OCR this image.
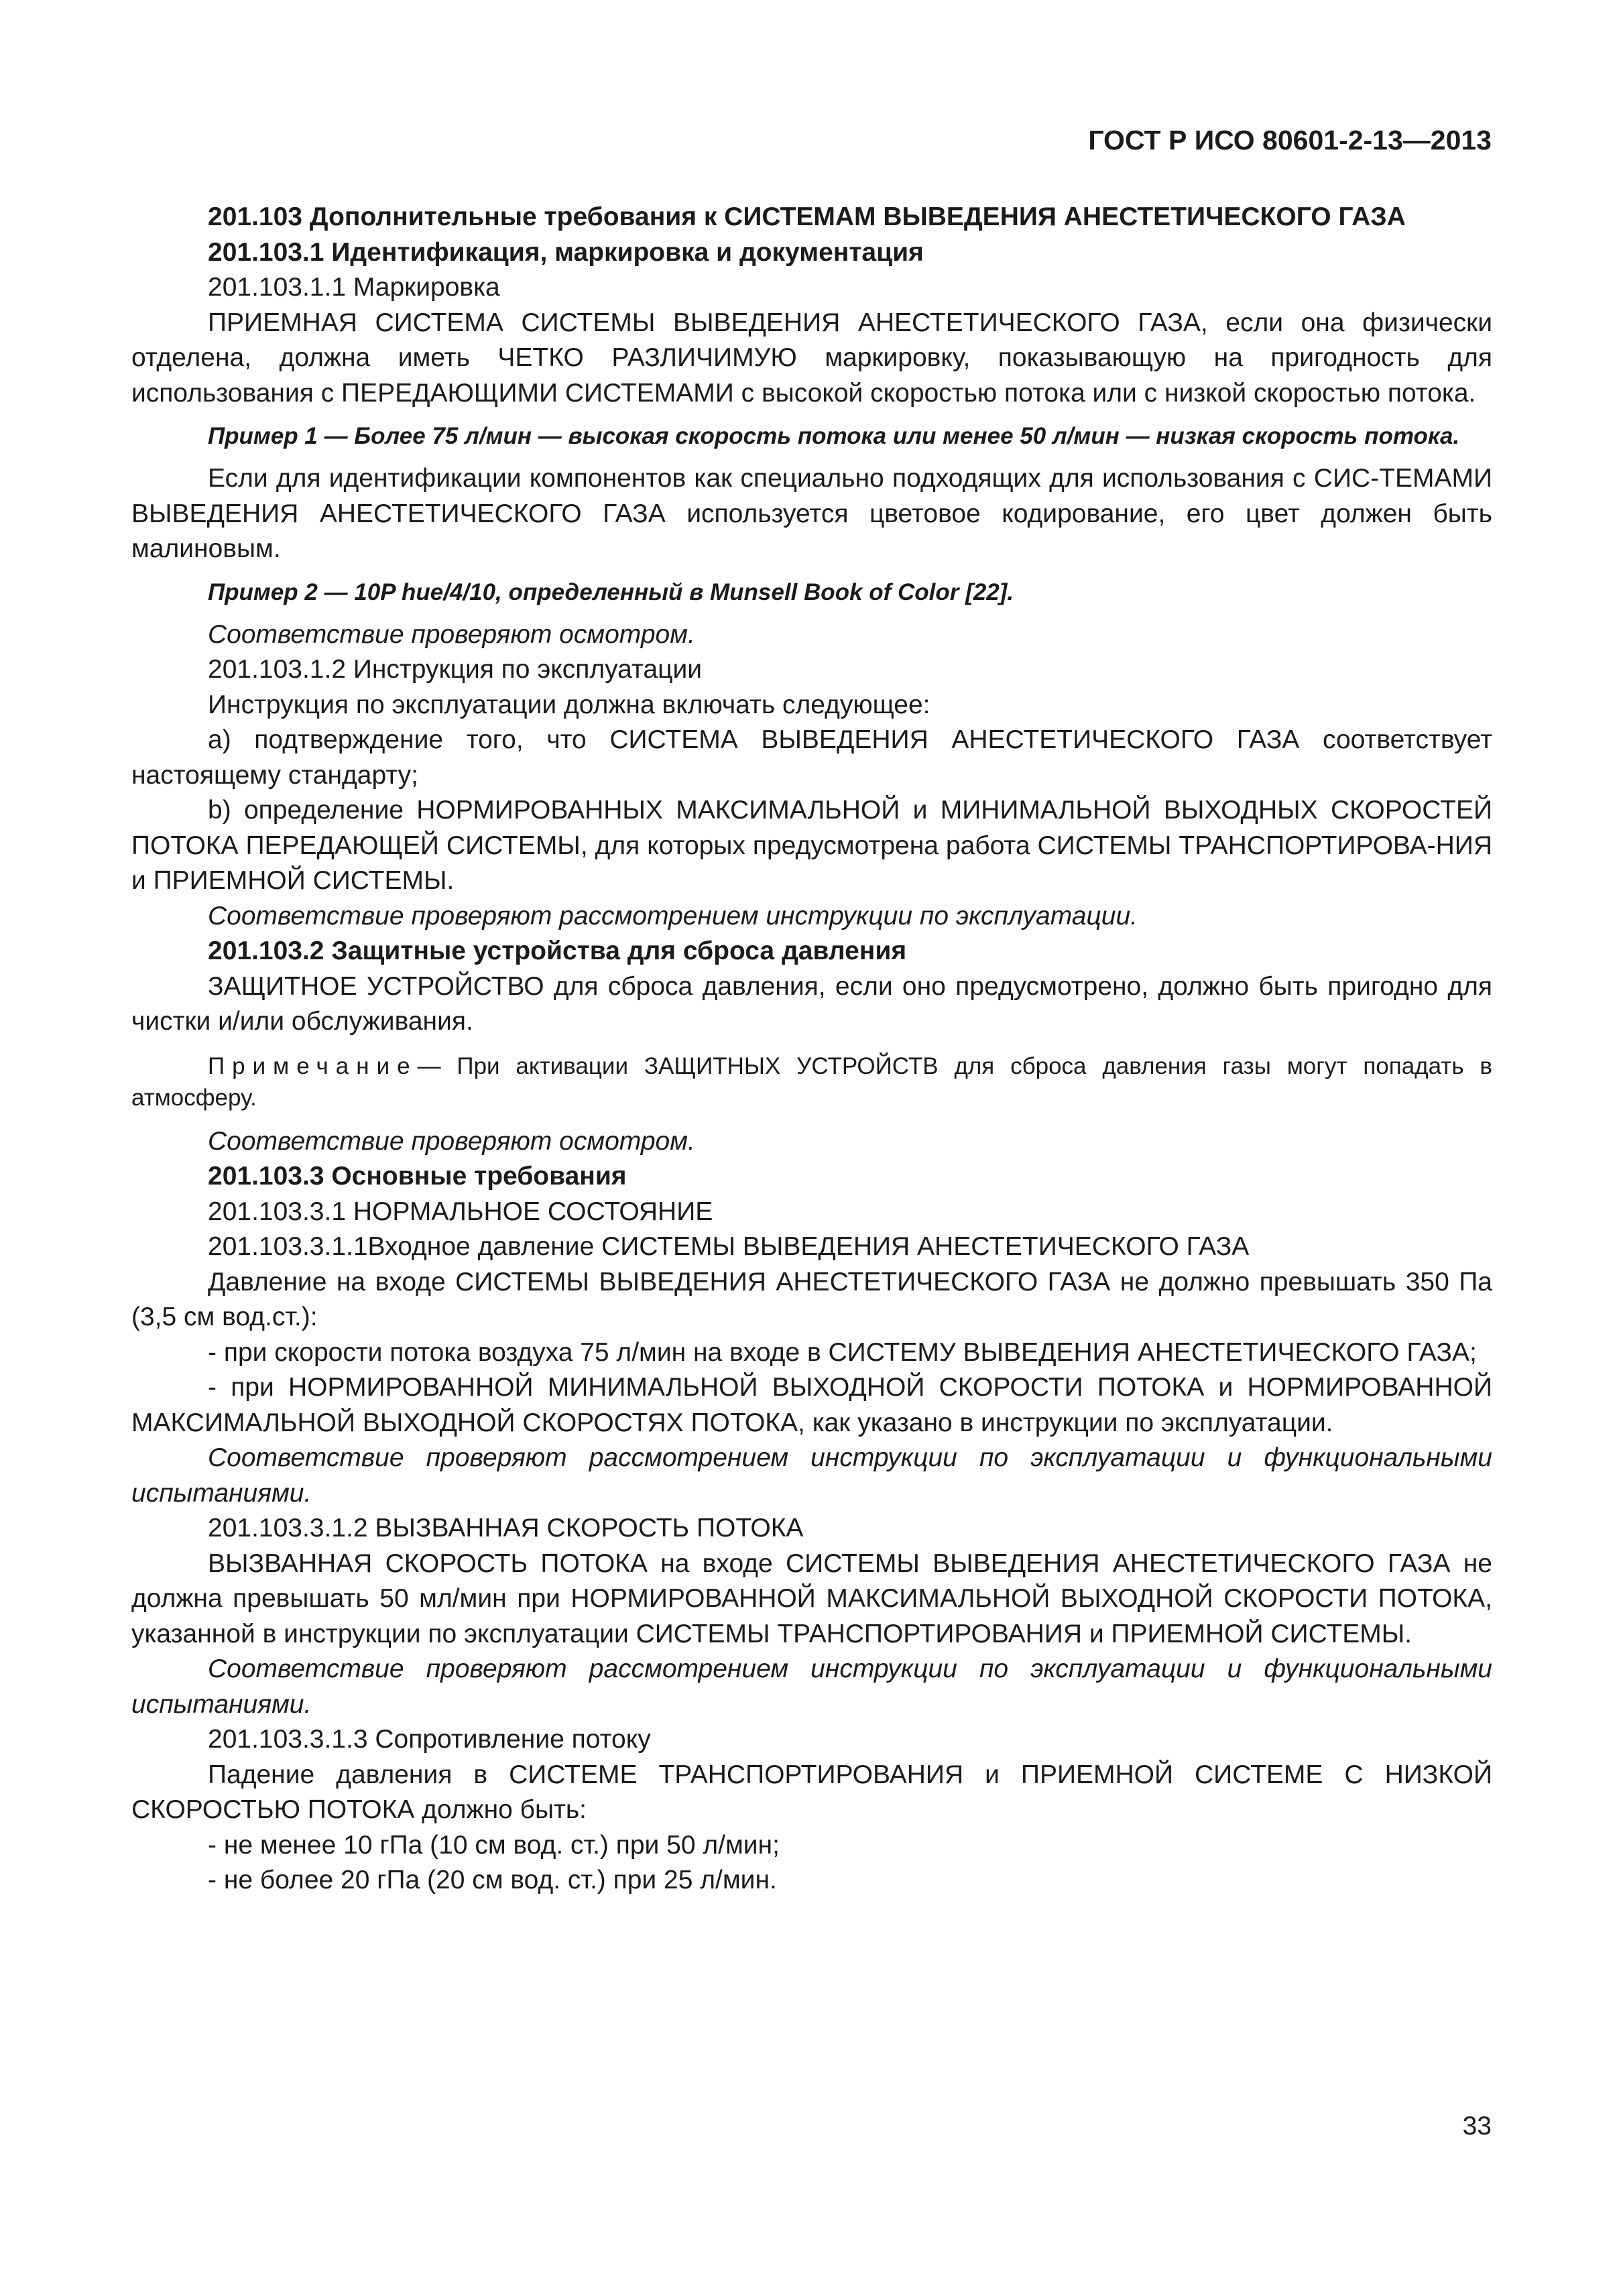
ГОСТ Р ИСО 80601-2-13—2013

201.103 Дополнительные требования к СИСТЕМАМ ВЫВЕДЕНИЯ АНЕСТЕТИЧЕСКОГО ГАЗА

201.103.1 Идентификация, маркировка и документация

201.103.1.1 Маркировка

ПРИЕМНАЯ СИСТЕМА СИСТЕМЫ ВЫВЕДЕНИЯ АНЕСТЕТИЧЕСКОГО ГАЗА, если она физически отделена, должна иметь ЧЕТКО РАЗЛИЧИМУЮ маркировку, показывающую на пригодность для использования с ПЕРЕДАЮЩИМИ СИСТЕМАМИ с высокой скоростью потока или с низкой скоростью потока.

Пример 1 — Более 75 л/мин — высокая скорость потока или менее 50 л/мин — низкая скорость потока.

Если для идентификации компонентов как специально подходящих для использования с СИС-ТЕМАМИ ВЫВЕДЕНИЯ АНЕСТЕТИЧЕСКОГО ГАЗА используется цветовое кодирование, его цвет должен быть малиновым.

Пример 2 — 10P hue/4/10, определенный в Munsell Book of Color [22].

Соответствие проверяют осмотром.

201.103.1.2 Инструкция по эксплуатации

Инструкция по эксплуатации должна включать следующее:

a) подтверждение того, что СИСТЕМА ВЫВЕДЕНИЯ АНЕСТЕТИЧЕСКОГО ГАЗА соответствует настоящему стандарту;

b) определение НОРМИРОВАННЫХ МАКСИМАЛЬНОЙ и МИНИМАЛЬНОЙ ВЫХОДНЫХ СКОРОСТЕЙ ПОТОКА ПЕРЕДАЮЩЕЙ СИСТЕМЫ, для которых предусмотрена работа СИСТЕМЫ ТРАНСПОРТИРОВА-НИЯ и ПРИЕМНОЙ СИСТЕМЫ.

Соответствие проверяют рассмотрением инструкции по эксплуатации.

201.103.2 Защитные устройства для сброса давления

ЗАЩИТНОЕ УСТРОЙСТВО для сброса давления, если оно предусмотрено, должно быть пригодно для чистки и/или обслуживания.

Примечание— При активации ЗАЩИТНЫХ УСТРОЙСТВ для сброса давления газы могут попадать в атмосферу.

Соответствие проверяют осмотром.

201.103.3 Основные требования

201.103.3.1 НОРМАЛЬНОЕ СОСТОЯНИЕ

201.103.3.1.1Входное давление СИСТЕМЫ ВЫВЕДЕНИЯ АНЕСТЕТИЧЕСКОГО ГАЗА

Давление на входе СИСТЕМЫ ВЫВЕДЕНИЯ АНЕСТЕТИЧЕСКОГО ГАЗА не должно превышать 350 Па (3,5 см вод.ст.):

- при скорости потока воздуха 75 л/мин на входе в СИСТЕМУ ВЫВЕДЕНИЯ АНЕСТЕТИЧЕСКОГО ГАЗА;

- при НОРМИРОВАННОЙ МИНИМАЛЬНОЙ ВЫХОДНОЙ СКОРОСТИ ПОТОКА и НОРМИРОВАННОЙ МАКСИМАЛЬНОЙ ВЫХОДНОЙ СКОРОСТЯХ ПОТОКА, как указано в инструкции по эксплуатации.

Соответствие проверяют рассмотрением инструкции по эксплуатации и функциональными испытаниями.

201.103.3.1.2 ВЫЗВАННАЯ СКОРОСТЬ ПОТОКА

ВЫЗВАННАЯ СКОРОСТЬ ПОТОКА на входе СИСТЕМЫ ВЫВЕДЕНИЯ АНЕСТЕТИЧЕСКОГО ГАЗА не должна превышать 50 мл/мин при НОРМИРОВАННОЙ МАКСИМАЛЬНОЙ ВЫХОДНОЙ СКОРОСТИ ПОТОКА, указанной в инструкции по эксплуатации СИСТЕМЫ ТРАНСПОРТИРОВАНИЯ и ПРИЕМНОЙ СИСТЕМЫ.

Соответствие проверяют рассмотрением инструкции по эксплуатации и функциональными испытаниями.

201.103.3.1.3 Сопротивление потоку

Падение давления в СИСТЕМЕ ТРАНСПОРТИРОВАНИЯ и ПРИЕМНОЙ СИСТЕМЕ С НИЗКОЙ СКОРОСТЬЮ ПОТОКА должно быть:

- не менее 10 гПа (10 см вод. ст.) при 50 л/мин;

- не более 20 гПа (20 см вод. ст.) при 25 л/мин.

33
